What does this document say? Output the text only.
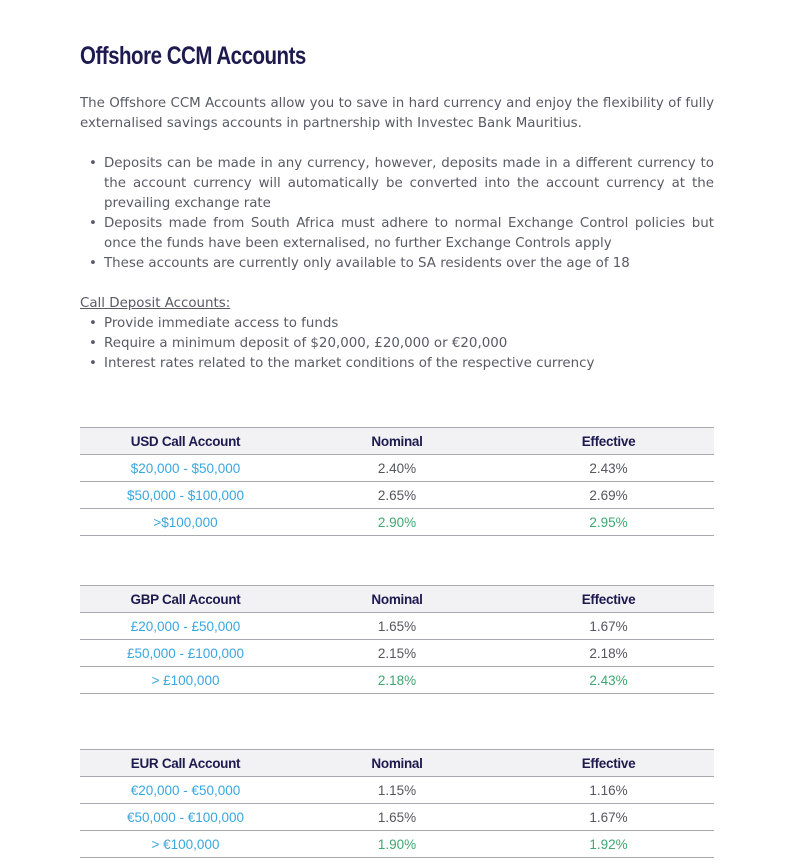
Offshore CCM Accounts

The Offshore CCM Accounts allow you to save in hard currency and enjoy the flexibility of fully externalised savings accounts in partnership with Investec Bank Mauritius.

• Deposits can be made in any currency, however, deposits made in a different currency to the account currency will automatically be converted into the account currency at the prevailing exchange rate
• Deposits made from South Africa must adhere to normal Exchange Control policies but once the funds have been externalised, no further Exchange Controls apply
• These accounts are currently only available to SA residents over the age of 18

Call Deposit Accounts:

• Provide immediate access to funds
• Require a minimum deposit of $20,000, £20,000 or €20,000
• Interest rates related to the market conditions of the respective currency
USD Call Account	Nominal	Effective
$20,000 - $50,000	2.40%	2.43%
$50,000 - $100,000	2.65%	2.69%
>$100,000	2.90%	2.95%
GBP Call Account	Nominal	Effective
£20,000 - £50,000	1.65%	1.67%
£50,000 - £100,000	2.15%	2.18%
> £100,000	2.18%	2.43%
EUR Call Account	Nominal	Effective
€20,000 - €50,000	1.15%	1.16%
€50,000 - €100,000	1.65%	1.67%
> €100,000	1.90%	1.92%
